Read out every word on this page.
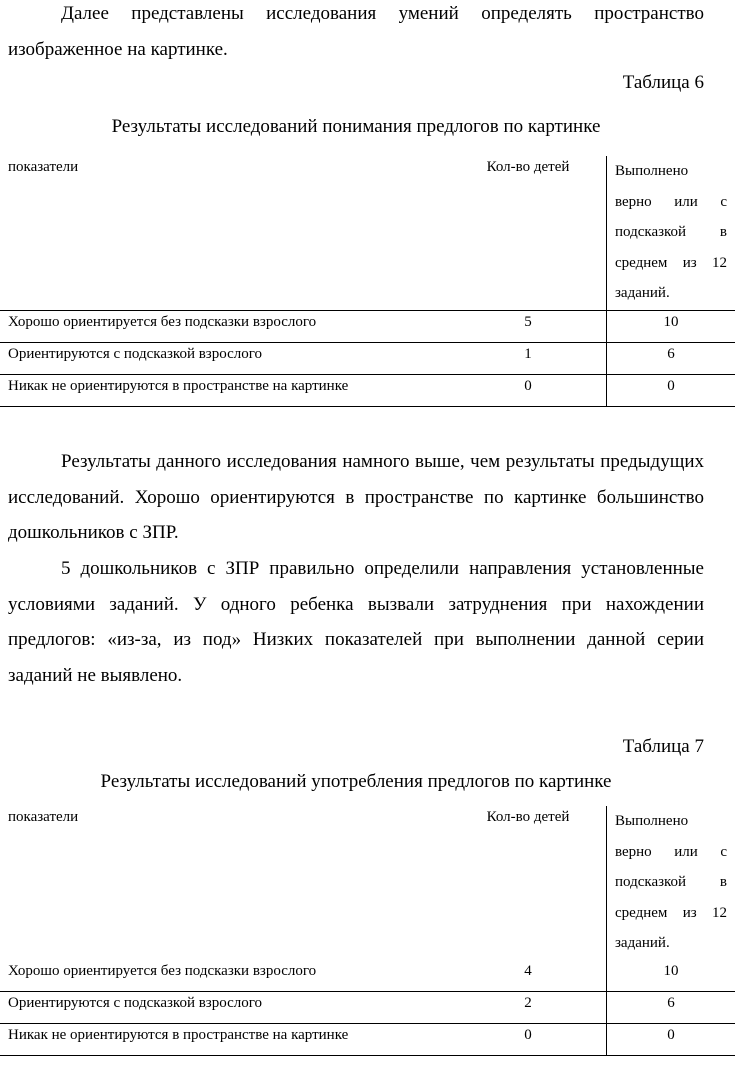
Далее представлены исследования умений определять пространство изображенное на картинке.

Таблица 6
Результаты исследований понимания предлогов по картинке
показатели	Кол-во детей	Выполнено верно или с подсказкой в среднем из 12 заданий.
Хорошо ориентируется без подсказки взрослого	5	10
Ориентируются с подсказкой взрослого	1	6
Никак не ориентируются в пространстве на картинке	0	0

Результаты данного исследования намного выше, чем результаты предыдущих исследований. Хорошо ориентируются в пространстве по картинке большинство дошкольников с ЗПР.

5 дошкольников с ЗПР правильно определили направления установленные условиями заданий. У одного ребенка вызвали затруднения при нахождении предлогов: «из-за, из под» Низких показателей при выполнении данной серии заданий не выявлено.

Таблица 7
Результаты исследований употребления предлогов по картинке
показатели	Кол-во детей	Выполнено верно или с подсказкой в среднем из 12 заданий.
Хорошо ориентируется без подсказки взрослого	4	10
Ориентируются с подсказкой взрослого	2	6
Никак не ориентируются в пространстве на картинке	0	0
